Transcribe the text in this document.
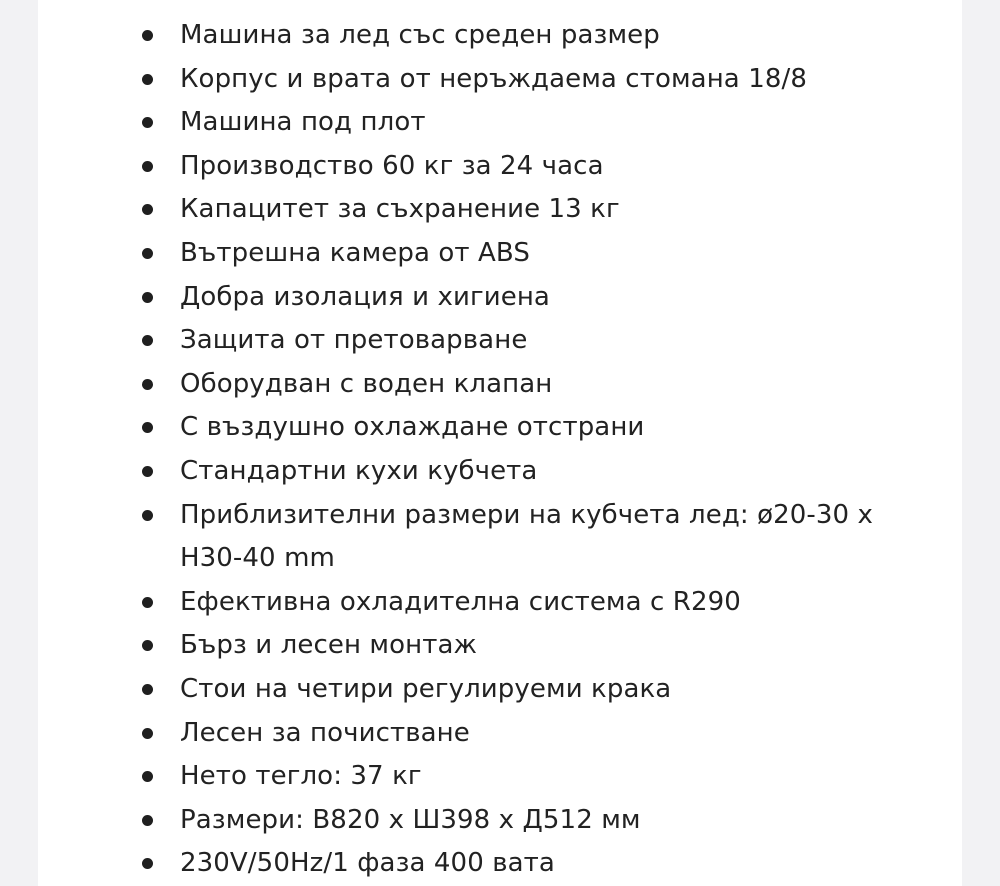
Машина за лед със среден размер
Корпус и врата от неръждаема стомана 18/8
Машина под плот
Производство 60 кг за 24 часа
Капацитет за съхранение 13 кг
Вътрешна камера от ABS
Добра изолация и хигиена
Защита от претоварване
Оборудван с воден клапан
С въздушно охлаждане отстрани
Стандартни кухи кубчета
Приблизителни размери на кубчета лед: ø20-30 x H30-40 mm
Ефективна охладителна система с R290
Бърз и лесен монтаж
Стои на четири регулируеми крака
Лесен за почистване
Нето тегло: 37 кг
Размери: В820 x Ш398 x Д512 мм
230V/50Hz/1 фаза 400 вата
